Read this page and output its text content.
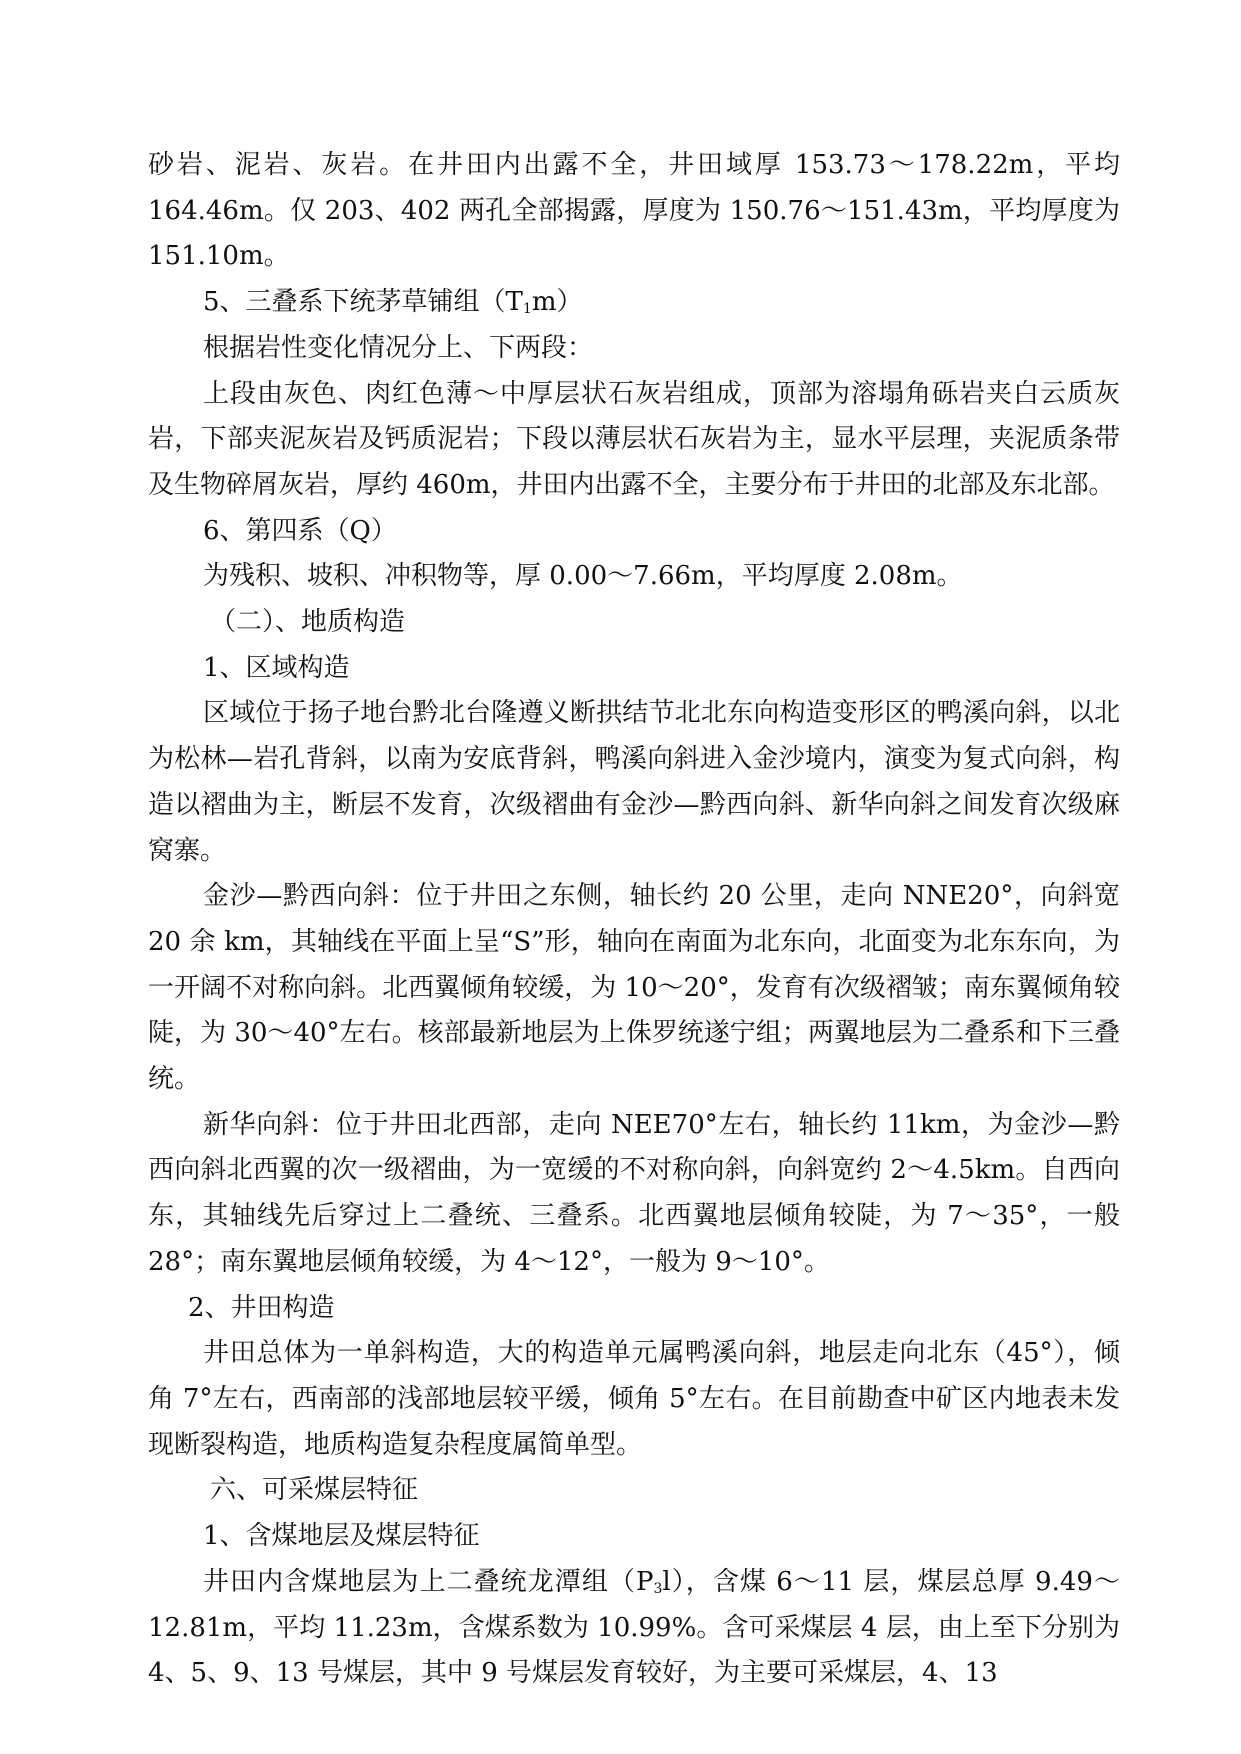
砂岩、泥岩、灰岩。在井田内出露不全，井田域厚 153.73～178.22m，平均 164.46m。仅 203、402 两孔全部揭露，厚度为 150.76～151.43m，平均厚度为 151.10m。

5、三叠系下统茅草铺组$(T_1m)$

根据岩性变化情况分上、下两段：

上段由灰色、肉红色薄～中厚层状石灰岩组成，顶部为溶塌角砾岩夹白云质灰岩，下部夹泥灰岩及钙质泥岩；下段以薄层状石灰岩为主，显水平层理，夹泥质条带及生物碎屑灰岩，厚约 460m，井田内出露不全，主要分布于井田的北部及东北部。

6、第四系（Q）

为残积、坡积、冲积物等，厚 0.00～7.66m，平均厚度 2.08m。

（二）、地质构造

1、区域构造

区域位于扬子地台黔北台隆遵义断拱结节北北东向构造变形区的鸭溪向斜，以北为松林—岩孔背斜，以南为安底背斜，鸭溪向斜进入金沙境内，演变为复式向斜，构造以褶曲为主，断层不发育，次级褶曲有金沙—黔西向斜、新华向斜之间发育次级麻窝寨。

金沙—黔西向斜：位于井田之东侧，轴长约 20 公里，走向 NNE20°，向斜宽 20 余 km，其轴线在平面上呈“S”形，轴向在南面为北东向，北面变为北东东向，为一开阔不对称向斜。北西翼倾角较缓，为 10～20°，发育有次级褶皱；南东翼倾角较陡，为 30～40°左右。核部最新地层为上侏罗统遂宁组；两翼地层为二叠系和下三叠统。

新华向斜：位于井田北西部，走向 NEE70°左右，轴长约 11km，为金沙—黔西向斜北西翼的次一级褶曲，为一宽缓的不对称向斜，向斜宽约 2～4.5km。自西向东，其轴线先后穿过上二叠统、三叠系。北西翼地层倾角较陡，为 7～35°，一般 28°；南东翼地层倾角较缓，为 4～12°，一般为 9～10°。

2、井田构造

井田总体为一单斜构造，大的构造单元属鸭溪向斜，地层走向北东（45°），倾角 7°左右，西南部的浅部地层较平缓，倾角 5°左右。在目前勘查中矿区内地表未发现断裂构造，地质构造复杂程度属简单型。

六、可采煤层特征

1、含煤地层及煤层特征

井田内含煤地层为上二叠统龙潭组$(P_3l)$，含煤 6～11 层，煤层总厚 9.49～12.81m，平均 11.23m，含煤系数为 10.99%。含可采煤层 4 层，由上至下分别为 4、5、9、13 号煤层，其中 9 号煤层发育较好，为主要可采煤层，4、13
